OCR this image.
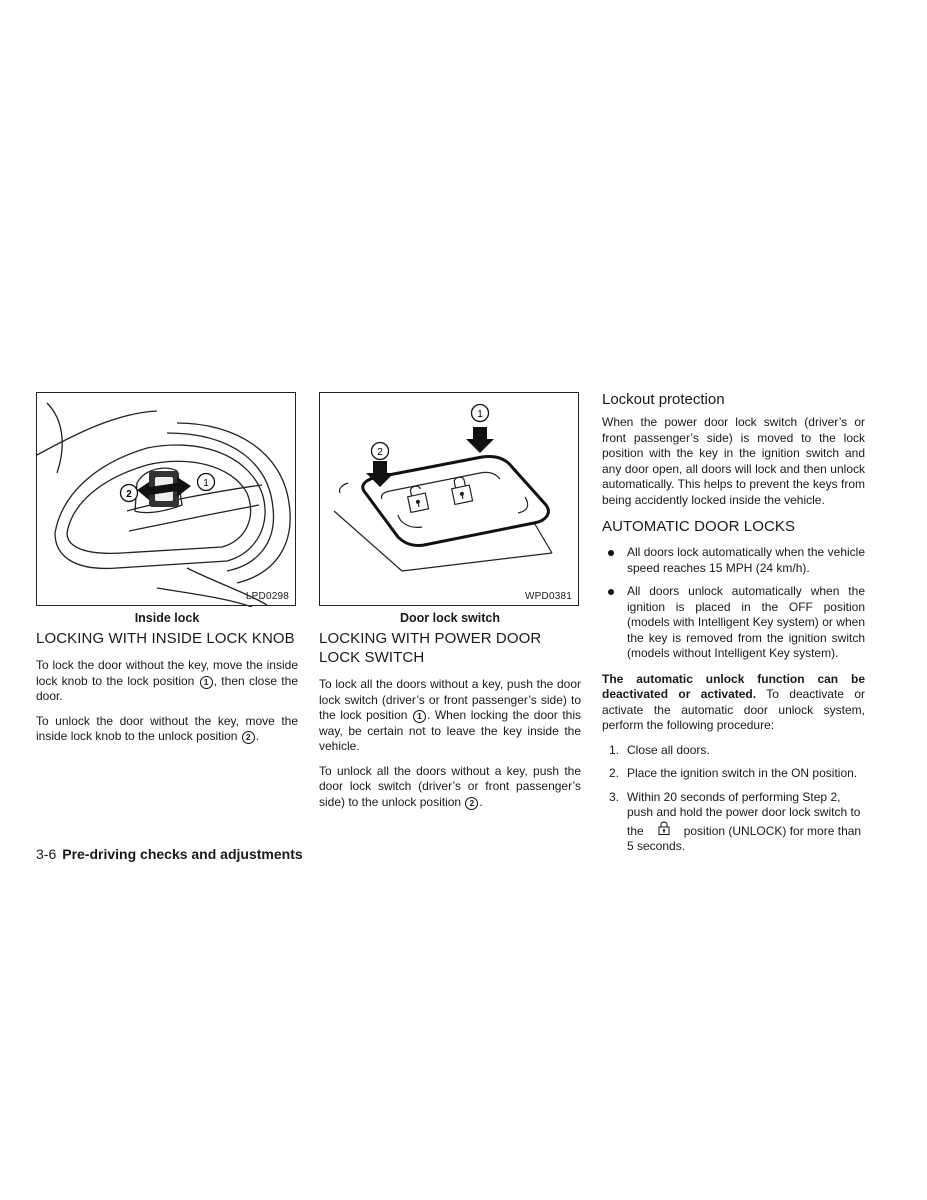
1
2
LPD0298
Inside lock
LOCKING WITH INSIDE LOCK KNOB

To lock the door without the key, move the inside lock knob to the lock position 1 , then close the door.

To unlock the door without the key, move the inside lock knob to the unlock position 2 .

1
2
WPD0381
Door lock switch
LOCKING WITH POWER DOOR LOCK SWITCH

To lock all the doors without a key, push the door lock switch (driver’s or front passenger’s side) to the lock position 1 . When locking the door this way, be certain not to leave the key inside the vehicle.

To unlock all the doors without a key, push the door lock switch (driver’s or front passenger’s side) to the unlock position 2 .

Lockout protection

When the power door lock switch (driver’s or front passenger’s side) is moved to the lock position with the key in the ignition switch and any door open, all doors will lock and then unlock automatically. This helps to prevent the keys from being accidently locked inside the vehicle.

AUTOMATIC DOOR LOCKS
All doors lock automatically when the vehicle speed reaches 15 MPH (24 km/h).
All doors unlock automatically when the ignition is placed in the OFF position (models with Intelligent Key system) or when the key is removed from the ignition switch (models without Intelligent Key system).

The automatic unlock function can be deactivated or activated. To deactivate or activate the automatic door unlock system, perform the following procedure:

1. Close all doors.
2. Place the ignition switch in the ON position.
3. Within 20 seconds of performing Step 2, push and hold the power door lock switch to the	position (UNLOCK) for more than 5 seconds.
3-6 Pre-driving checks and adjustments
